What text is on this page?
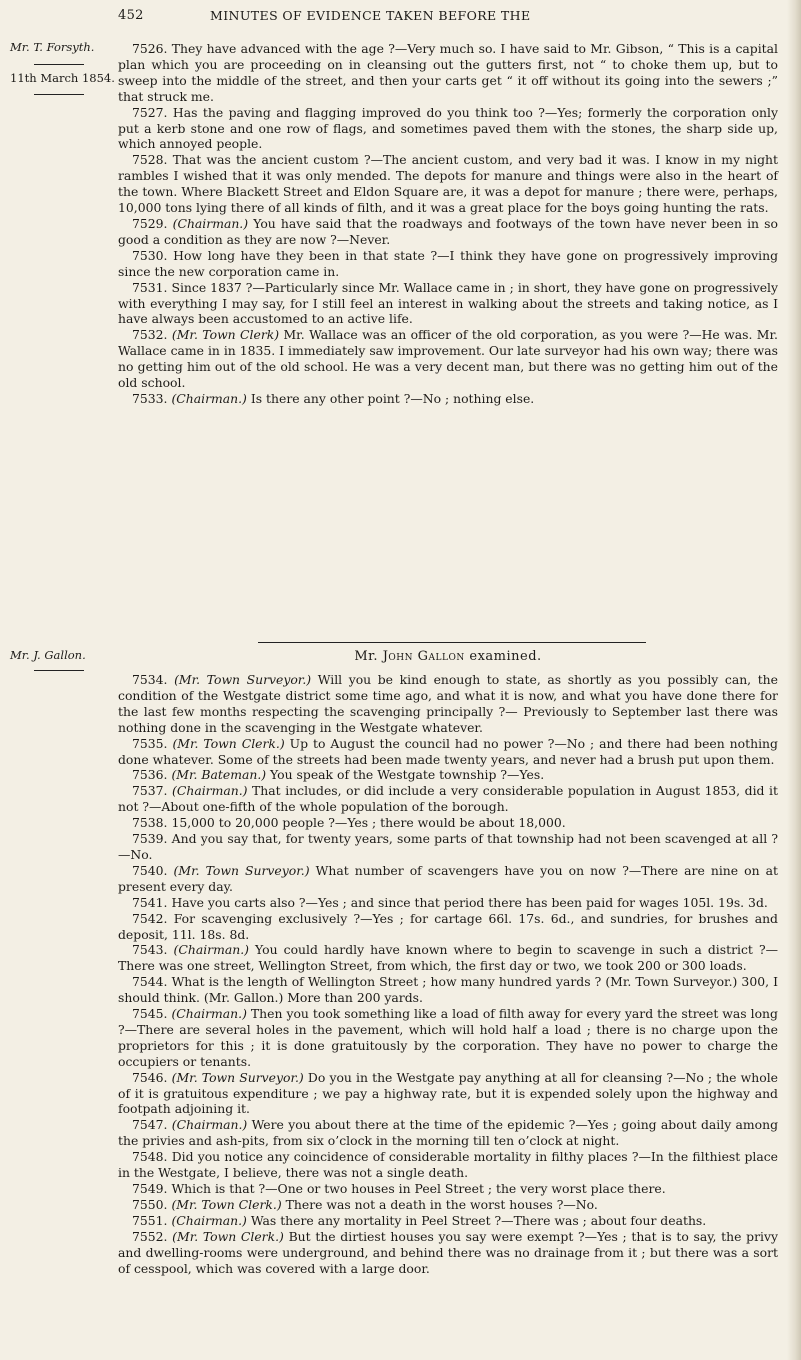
452	MINUTES OF EVIDENCE TAKEN BEFORE THE
Mr. T. Forsyth.
11th March 1854.

7526. They have advanced with the age ?—Very much so. I have said to Mr. Gibson, “ This is a capital plan which you are proceeding on in cleansing out the gutters first, not “ to choke them up, but to sweep into the middle of the street, and then your carts get “ it off without its going into the sewers ;” that struck me.

7527. Has the paving and flagging improved do you think too ?—Yes; formerly the corporation only put a kerb stone and one row of flags, and sometimes paved them with the stones, the sharp side up, which annoyed people.

7528. That was the ancient custom ?—The ancient custom, and very bad it was. I know in my night rambles I wished that it was only mended. The depots for manure and things were also in the heart of the town. Where Blackett Street and Eldon Square are, it was a depot for manure ; there were, perhaps, 10,000 tons lying there of all kinds of filth, and it was a great place for the boys going hunting the rats.

7529. (Chairman.) You have said that the roadways and footways of the town have never been in so good a condition as they are now ?—Never.

7530. How long have they been in that state ?—I think they have gone on progressively improving since the new corporation came in.

7531. Since 1837 ?—Particularly since Mr. Wallace came in ; in short, they have gone on progressively with everything I may say, for I still feel an interest in walking about the streets and taking notice, as I have always been accustomed to an active life.

7532. (Mr. Town Clerk) Mr. Wallace was an officer of the old corporation, as you were ?—He was. Mr. Wallace came in in 1835. I immediately saw improvement. Our late surveyor had his own way; there was no getting him out of the old school. He was a very decent man, but there was no getting him out of the old school.

7533. (Chairman.) Is there any other point ?—No ; nothing else.

Mr. J. Gallon.	Mr. John Gallon examined.

7534. (Mr. Town Surveyor.) Will you be kind enough to state, as shortly as you possibly can, the condition of the Westgate district some time ago, and what it is now, and what you have done there for the last few months respecting the scavenging principally ?— Previously to September last there was nothing done in the scavenging in the Westgate whatever.

7535. (Mr. Town Clerk.) Up to August the council had no power ?—No ; and there had been nothing done whatever. Some of the streets had been made twenty years, and never had a brush put upon them.

7536. (Mr. Bateman.) You speak of the Westgate township ?—Yes.

7537. (Chairman.) That includes, or did include a very considerable population in August 1853, did it not ?—About one-fifth of the whole population of the borough.

7538. 15,000 to 20,000 people ?—Yes ; there would be about 18,000.

7539. And you say that, for twenty years, some parts of that township had not been scavenged at all ?—No.

7540. (Mr. Town Surveyor.) What number of scavengers have you on now ?—There are nine on at present every day.

7541. Have you carts also ?—Yes ; and since that period there has been paid for wages 105l. 19s. 3d.

7542. For scavenging exclusively ?—Yes ; for cartage 66l. 17s. 6d., and sundries, for brushes and deposit, 11l. 18s. 8d.

7543. (Chairman.) You could hardly have known where to begin to scavenge in such a district ?—There was one street, Wellington Street, from which, the first day or two, we took 200 or 300 loads.

7544. What is the length of Wellington Street ; how many hundred yards ? (Mr. Town Surveyor.) 300, I should think. (Mr. Gallon.) More than 200 yards.

7545. (Chairman.) Then you took something like a load of filth away for every yard the street was long ?—There are several holes in the pavement, which will hold half a load ; there is no charge upon the proprietors for this ; it is done gratuitously by the corporation. They have no power to charge the occupiers or tenants.

7546. (Mr. Town Surveyor.) Do you in the Westgate pay anything at all for cleansing ?—No ; the whole of it is gratuitous expenditure ; we pay a highway rate, but it is expended solely upon the highway and footpath adjoining it.

7547. (Chairman.) Were you about there at the time of the epidemic ?—Yes ; going about daily among the privies and ash-pits, from six o’clock in the morning till ten o’clock at night.

7548. Did you notice any coincidence of considerable mortality in filthy places ?—In the filthiest place in the Westgate, I believe, there was not a single death.

7549. Which is that ?—One or two houses in Peel Street ; the very worst place there.

7550. (Mr. Town Clerk.) There was not a death in the worst houses ?—No.

7551. (Chairman.) Was there any mortality in Peel Street ?—There was ; about four deaths.

7552. (Mr. Town Clerk.) But the dirtiest houses you say were exempt ?—Yes ; that is to say, the privy and dwelling-rooms were underground, and behind there was no drainage from it ; but there was a sort of cesspool, which was covered with a large door.
